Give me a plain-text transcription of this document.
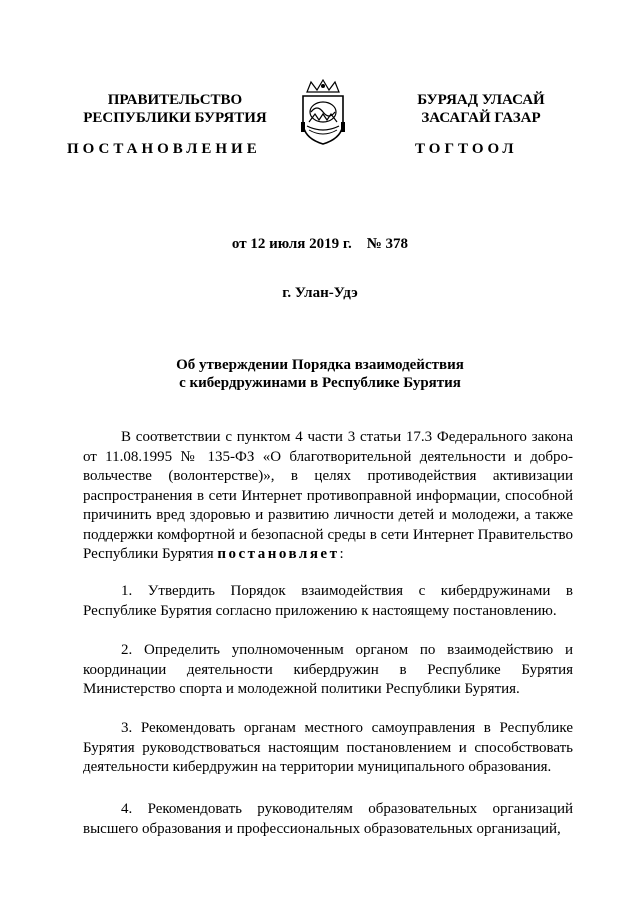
ПРАВИТЕЛЬСТВО
РЕСПУБЛИКИ БУРЯТИЯ
БУРЯАД УЛАСАЙ
ЗАСАГАЙ ГАЗАР
ПОСТАНОВЛЕНИЕ	ТОГТООЛ
от 12 июля 2019 г. № 378
г. Улан-Удэ
Об утверждении Порядка взаимодействия
с кибердружинами в Республике Бурятия

В соответствии с пунктом 4 части 3 статьи 17.3 Федерального закона от 11.08.1995 № 135-ФЗ «О благотворительной деятельности и добро-вольчестве (волонтерстве)», в целях противодействия активизации распространения в сети Интернет противоправной информации, способной причинить вред здоровью и развитию личности детей и молодежи, а также поддержки комфортной и безопасной среды в сети Интернет Правительство Республики Бурятия постановляет:

1. Утвердить Порядок взаимодействия с кибердружинами в Республике Бурятия согласно приложению к настоящему постановлению.

2. Определить уполномоченным органом по взаимодействию и координации деятельности кибердружин в Республике Бурятия Министерство спорта и молодежной политики Республики Бурятия.

3. Рекомендовать органам местного самоуправления в Республике Бурятия руководствоваться настоящим постановлением и способствовать деятельности кибердружин на территории муниципального образования.

4. Рекомендовать руководителям образовательных организаций высшего образования и профессиональных образовательных организаций,
